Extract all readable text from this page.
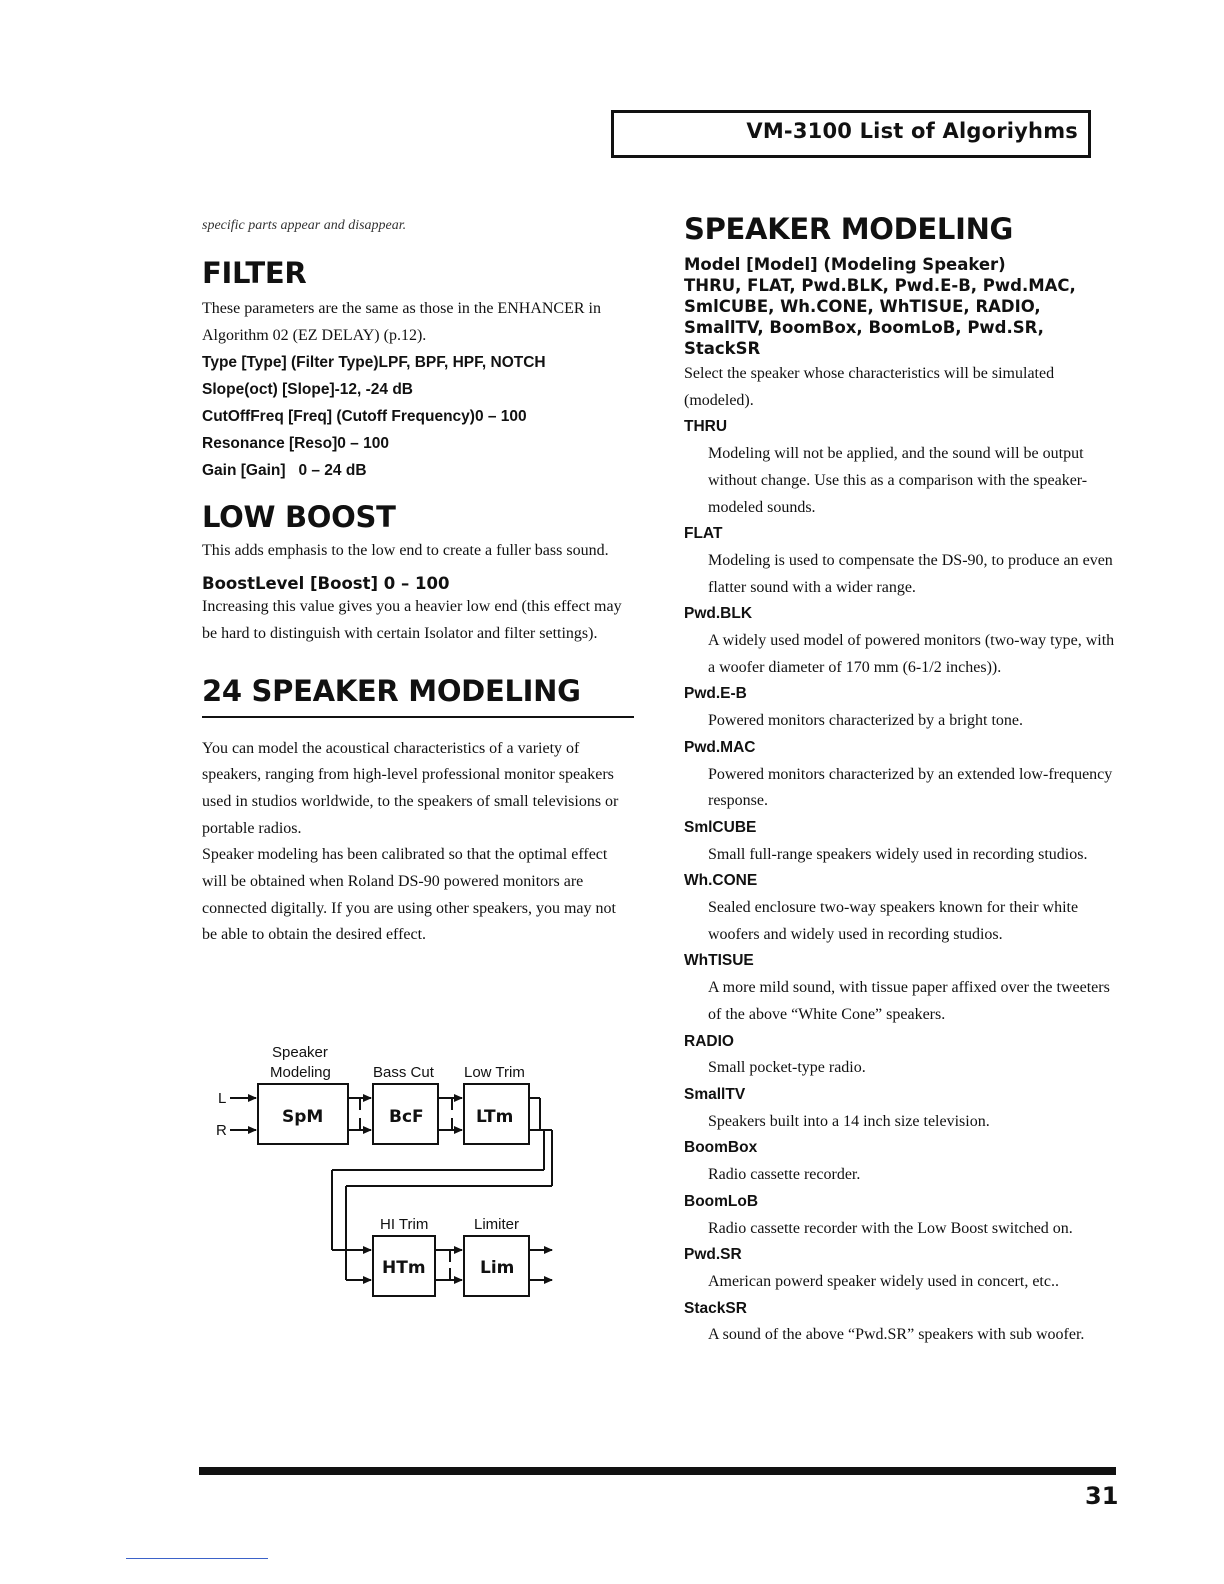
VM-3100 List of Algoriyhms

specific parts appear and disappear.

FILTER

These parameters are the same as those in the ENHANCER in Algorithm 02 (EZ DELAY) (p.12).

Type [Type] (Filter Type)LPF, BPF, HPF, NOTCH

Slope(oct) [Slope]-12, -24 dB

CutOffFreq [Freq] (Cutoff Frequency)0 – 100

Resonance [Reso]0 – 100

Gain [Gain]   0 – 24 dB

LOW BOOST

This adds emphasis to the low end to create a fuller bass sound.

BoostLevel [Boost] 0 – 100

Increasing this value gives you a heavier low end (this effect may be hard to distinguish with certain Isolator and filter settings).

24 SPEAKER MODELING

You can model the acoustical characteristics of a variety of speakers, ranging from high-level professional monitor speakers used in studios worldwide, to the speakers of small televisions or portable radios.

Speaker modeling has been calibrated so that the optimal effect will be obtained when Roland DS-90 powered monitors are connected digitally. If you are using other speakers, you may not be able to obtain the desired effect.

L
R
Speaker
Modeling	Bass Cut Low Trim
HI Trim	Limiter
SpM	BcF	LTm
HTm	Lim
SPEAKER MODELING

Model [Model] (Modeling Speaker)

THRU, FLAT, Pwd.BLK, Pwd.E-B, Pwd.MAC, SmlCUBE, Wh.CONE, WhTISUE, RADIO, SmallTV, BoomBox, BoomLoB, Pwd.SR, StackSR

Select the speaker whose characteristics will be simulated (modeled).

THRU

Modeling will not be applied, and the sound will be output without change. Use this as a comparison with the speaker-modeled sounds.

FLAT

Modeling is used to compensate the DS-90, to produce an even flatter sound with a wider range.

Pwd.BLK

A widely used model of powered monitors (two-way type, with a woofer diameter of 170 mm (6-1/2 inches)).

Pwd.E-B

Powered monitors characterized by a bright tone.

Pwd.MAC

Powered monitors characterized by an extended low-frequency response.

SmlCUBE

Small full-range speakers widely used in recording studios.

Wh.CONE

Sealed enclosure two-way speakers known for their white woofers and widely used in recording studios.

WhTISUE

A more mild sound, with tissue paper affixed over the tweeters of the above “White Cone” speakers.

RADIO

Small pocket-type radio.

SmallTV

Speakers built into a 14 inch size television.

BoomBox

Radio cassette recorder.

BoomLoB

Radio cassette recorder with the Low Boost switched on.

Pwd.SR

American powerd speaker widely used in concert, etc..

StackSR

A sound of the above “Pwd.SR” speakers with sub woofer.

31
